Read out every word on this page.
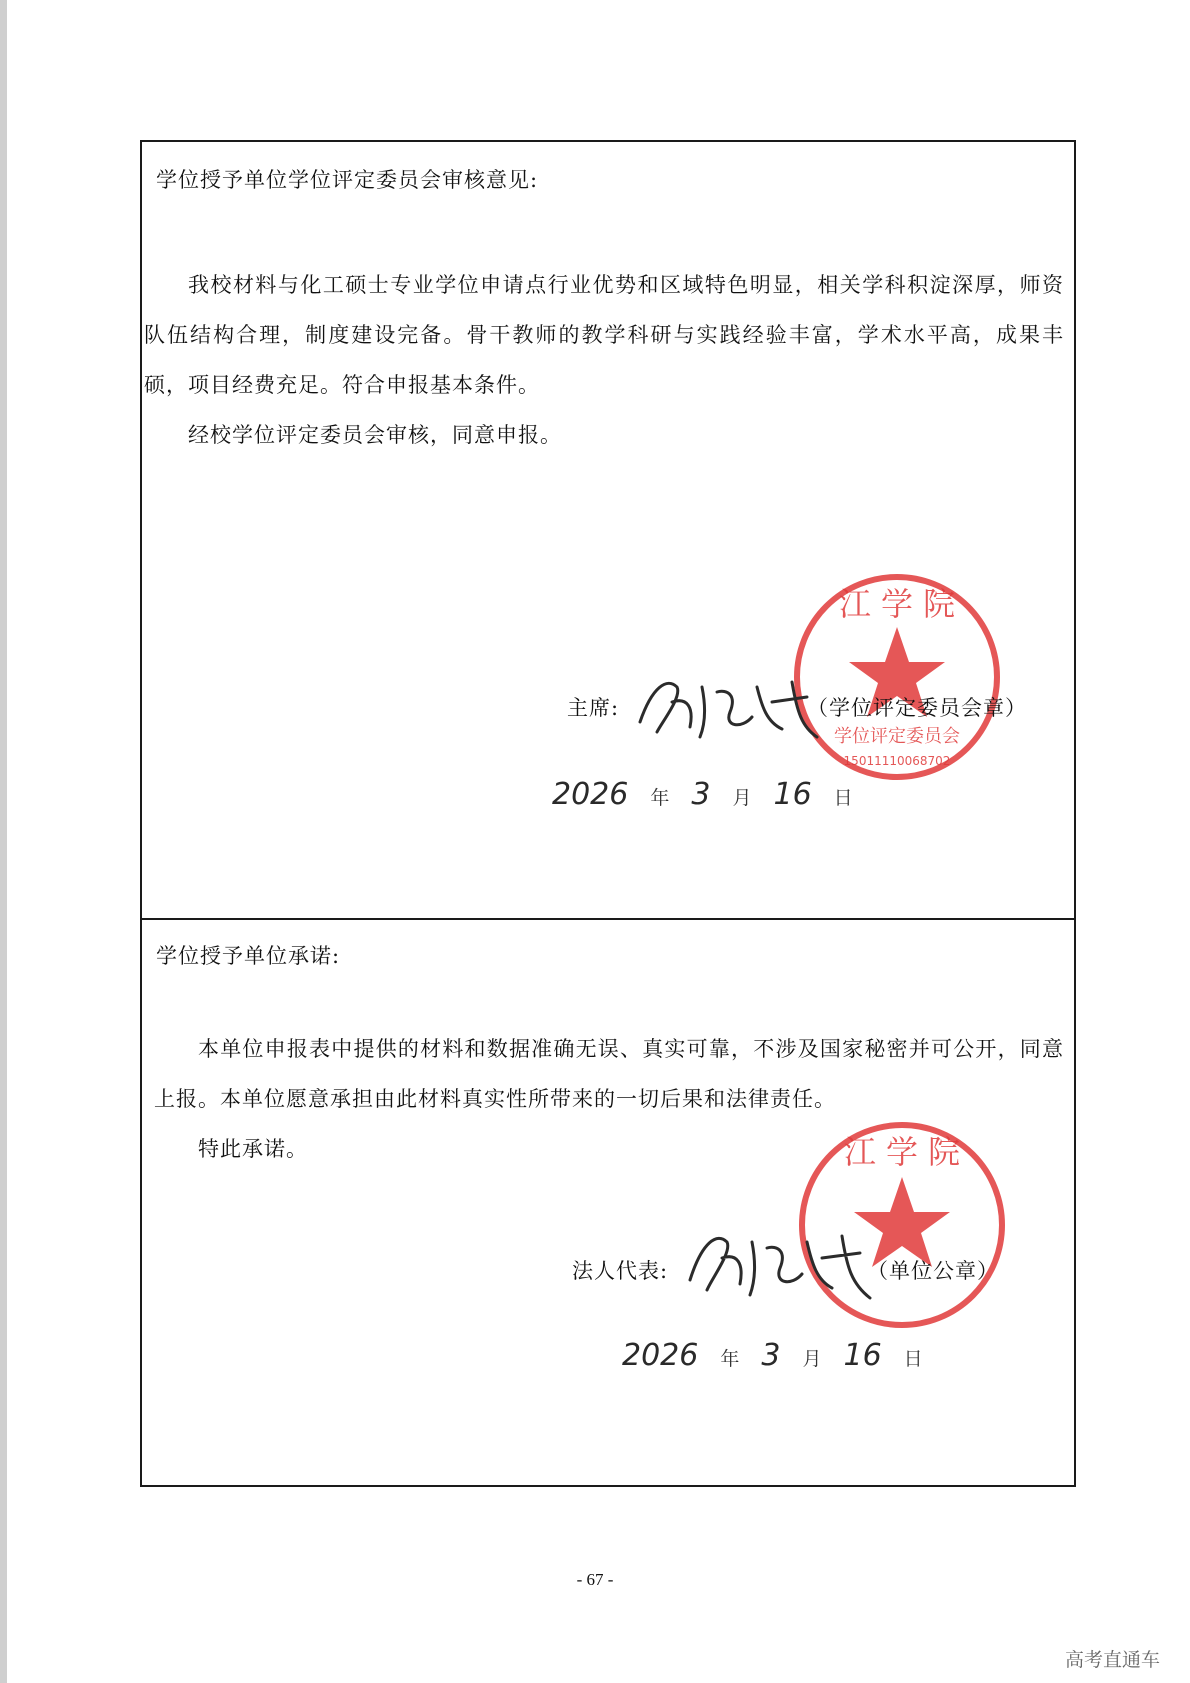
学位授予单位学位评定委员会审核意见:

我校材料与化工硕士专业学位申请点行业优势和区域特色明显，相关学科积淀深厚，师资队伍结构合理，制度建设完备。骨干教师的教学科研与实践经验丰富，学术水平高，成果丰硕，项目经费充足。符合申报基本条件。

经校学位评定委员会审核，同意申报。

江 学 院
学位评定委员会
15011110068702
主席:	（学位评定委员会章）
2026 年 3 月 16 日
学位授予单位承诺:

本单位申报表中提供的材料和数据准确无误、真实可靠，不涉及国家秘密并可公开，同意上报。本单位愿意承担由此材料真实性所带来的一切后果和法律责任。

特此承诺。	江 学 院
法人代表:	（单位公章）
2026 年 3 月 16 日
- 67 -
高考直通车
